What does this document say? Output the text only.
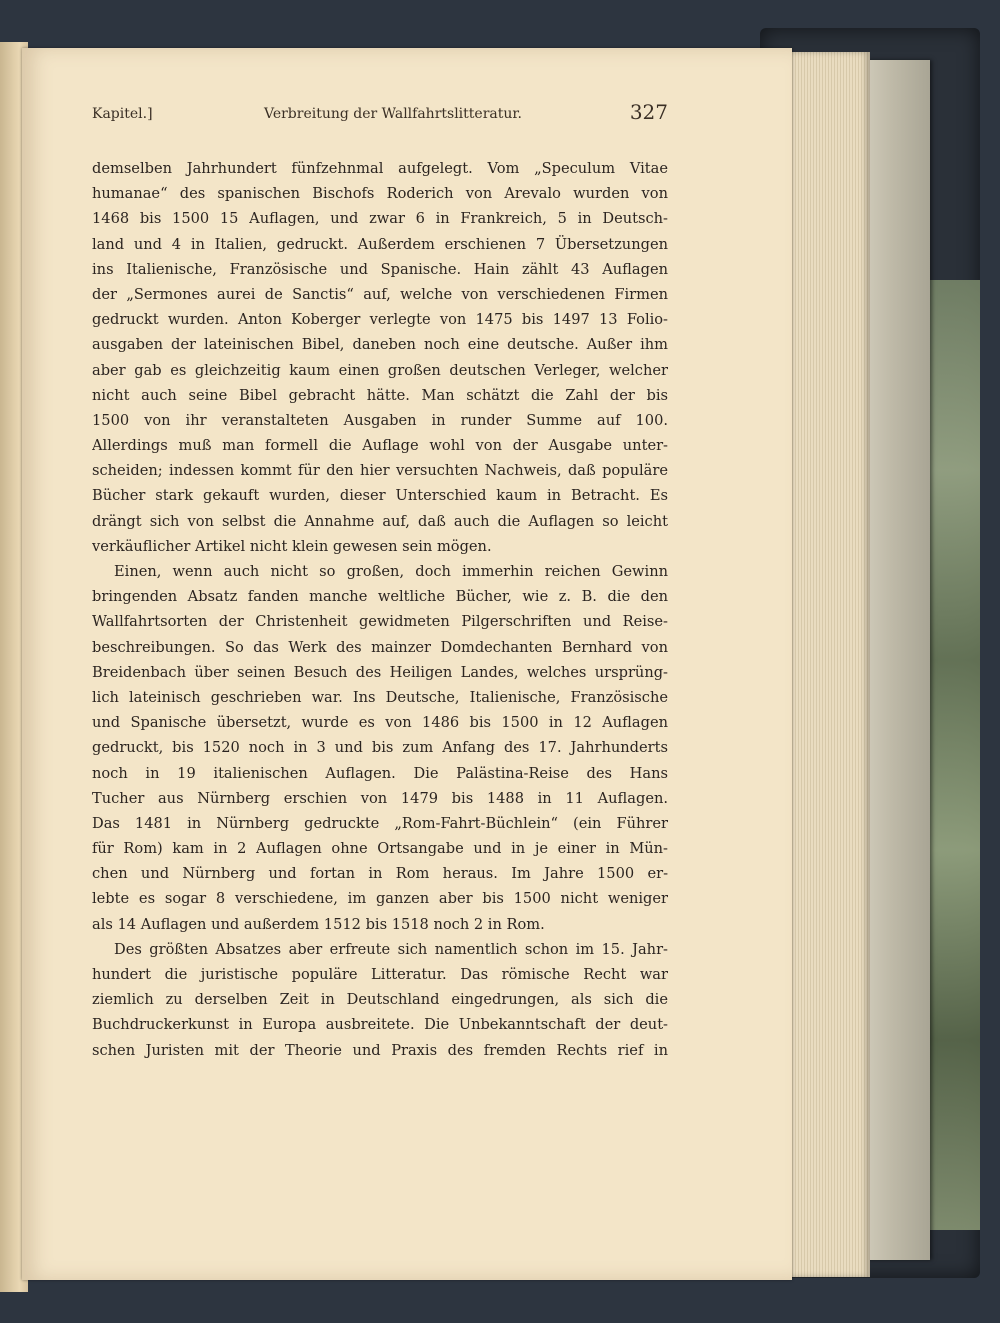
Kapitel.]	Verbreitung der Wallfahrtslitteratur.	327
demselben Jahrhundert fünfzehnmal aufgelegt. Vom „Speculum Vitae
humanae“ des spanischen Bischofs Roderich von Arevalo wurden von
1468 bis 1500 15 Auflagen, und zwar 6 in Frankreich, 5 in Deutsch-
land und 4 in Italien, gedruckt. Außerdem erschienen 7 Übersetzungen
ins Italienische, Französische und Spanische. Hain zählt 43 Auflagen
der „Sermones aurei de Sanctis“ auf, welche von verschiedenen Firmen
gedruckt wurden. Anton Koberger verlegte von 1475 bis 1497 13 Folio-
ausgaben der lateinischen Bibel, daneben noch eine deutsche. Außer ihm
aber gab es gleichzeitig kaum einen großen deutschen Verleger, welcher
nicht auch seine Bibel gebracht hätte. Man schätzt die Zahl der bis
1500 von ihr veranstalteten Ausgaben in runder Summe auf 100.
Allerdings muß man formell die Auflage wohl von der Ausgabe unter-
scheiden; indessen kommt für den hier versuchten Nachweis, daß populäre
Bücher stark gekauft wurden, dieser Unterschied kaum in Betracht. Es
drängt sich von selbst die Annahme auf, daß auch die Auflagen so leicht
verkäuflicher Artikel nicht klein gewesen sein mögen.
Einen, wenn auch nicht so großen, doch immerhin reichen Gewinn
bringenden Absatz fanden manche weltliche Bücher, wie z. B. die den
Wallfahrtsorten der Christenheit gewidmeten Pilgerschriften und Reise-
beschreibungen. So das Werk des mainzer Domdechanten Bernhard von
Breidenbach über seinen Besuch des Heiligen Landes, welches ursprüng-
lich lateinisch geschrieben war. Ins Deutsche, Italienische, Französische
und Spanische übersetzt, wurde es von 1486 bis 1500 in 12 Auflagen
gedruckt, bis 1520 noch in 3 und bis zum Anfang des 17. Jahrhunderts
noch in 19 italienischen Auflagen. Die Palästina-Reise des Hans
Tucher aus Nürnberg erschien von 1479 bis 1488 in 11 Auflagen.
Das 1481 in Nürnberg gedruckte „Rom-Fahrt-Büchlein“ (ein Führer
für Rom) kam in 2 Auflagen ohne Ortsangabe und in je einer in Mün-
chen und Nürnberg und fortan in Rom heraus. Im Jahre 1500 er-
lebte es sogar 8 verschiedene, im ganzen aber bis 1500 nicht weniger
als 14 Auflagen und außerdem 1512 bis 1518 noch 2 in Rom.
Des größten Absatzes aber erfreute sich namentlich schon im 15. Jahr-
hundert die juristische populäre Litteratur. Das römische Recht war
ziemlich zu derselben Zeit in Deutschland eingedrungen, als sich die
Buchdruckerkunst in Europa ausbreitete. Die Unbekanntschaft der deut-
schen Juristen mit der Theorie und Praxis des fremden Rechts rief in
